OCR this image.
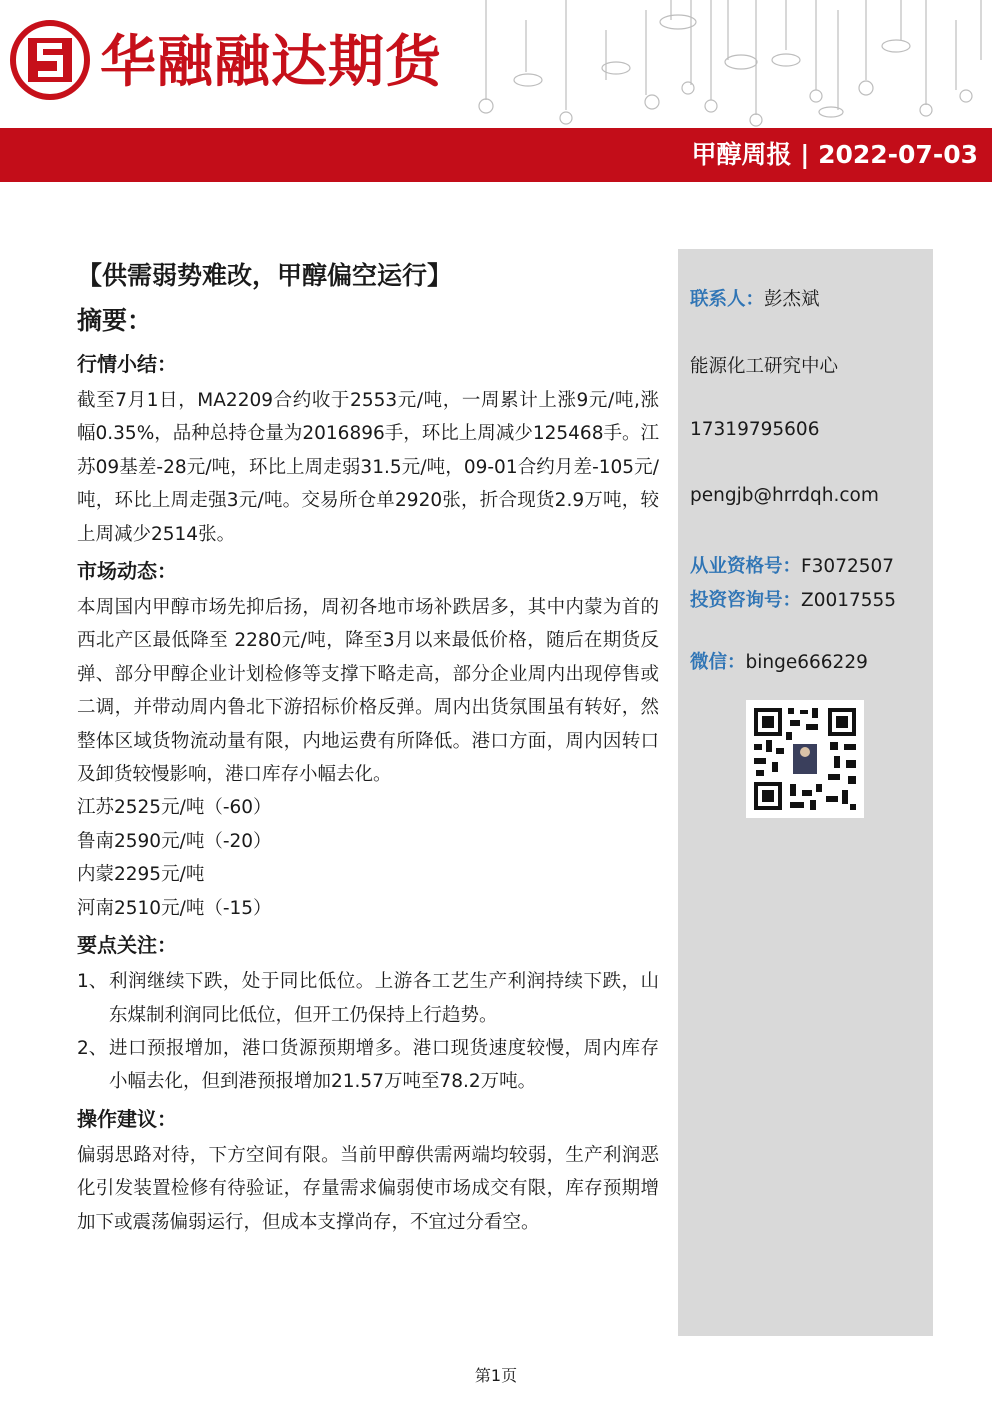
华融融达期货
甲醇周报 | 2022-07-03
【供需弱势难改，甲醇偏空运行】
摘要：
行情小结：
截至7月1日，MA2209合约收于2553元/吨，一周累计上涨9元/吨,涨幅0.35%，品种总持仓量为2016896手，环比上周减少125468手。江苏09基差-28元/吨，环比上周走弱31.5元/吨，09-01合约月差-105元/吨，环比上周走强3元/吨。交易所仓单2920张，折合现货2.9万吨，较上周减少2514张。
市场动态：
本周国内甲醇市场先抑后扬，周初各地市场补跌居多，其中内蒙为首的西北产区最低降至 2280元/吨，降至3月以来最低价格，随后在期货反弹、部分甲醇企业计划检修等支撑下略走高，部分企业周内出现停售或二调，并带动周内鲁北下游招标价格反弹。周内出货氛围虽有转好，然整体区域货物流动量有限，内地运费有所降低。港口方面，周内因转口及卸货较慢影响，港口库存小幅去化。
江苏2525元/吨（-60）
鲁南2590元/吨（-20）
内蒙2295元/吨
河南2510元/吨（-15）
要点关注：
1、 利润继续下跌，处于同比低位。上游各工艺生产利润持续下跌，山东煤制利润同比低位，但开工仍保持上行趋势。
2、 进口预报增加，港口货源预期增多。港口现货速度较慢，周内库存小幅去化，但到港预报增加21.57万吨至78.2万吨。
操作建议：
偏弱思路对待，下方空间有限。当前甲醇供需两端均较弱，生产利润恶化引发装置检修有待验证，存量需求偏弱使市场成交有限，库存预期增加下或震荡偏弱运行，但成本支撑尚存，不宜过分看空。
联系人：彭杰斌
能源化工研究中心
17319795606
pengjb@hrrdqh.com
从业资格号：F3072507
投资咨询号：Z0017555
微信：binge666229
第1页
